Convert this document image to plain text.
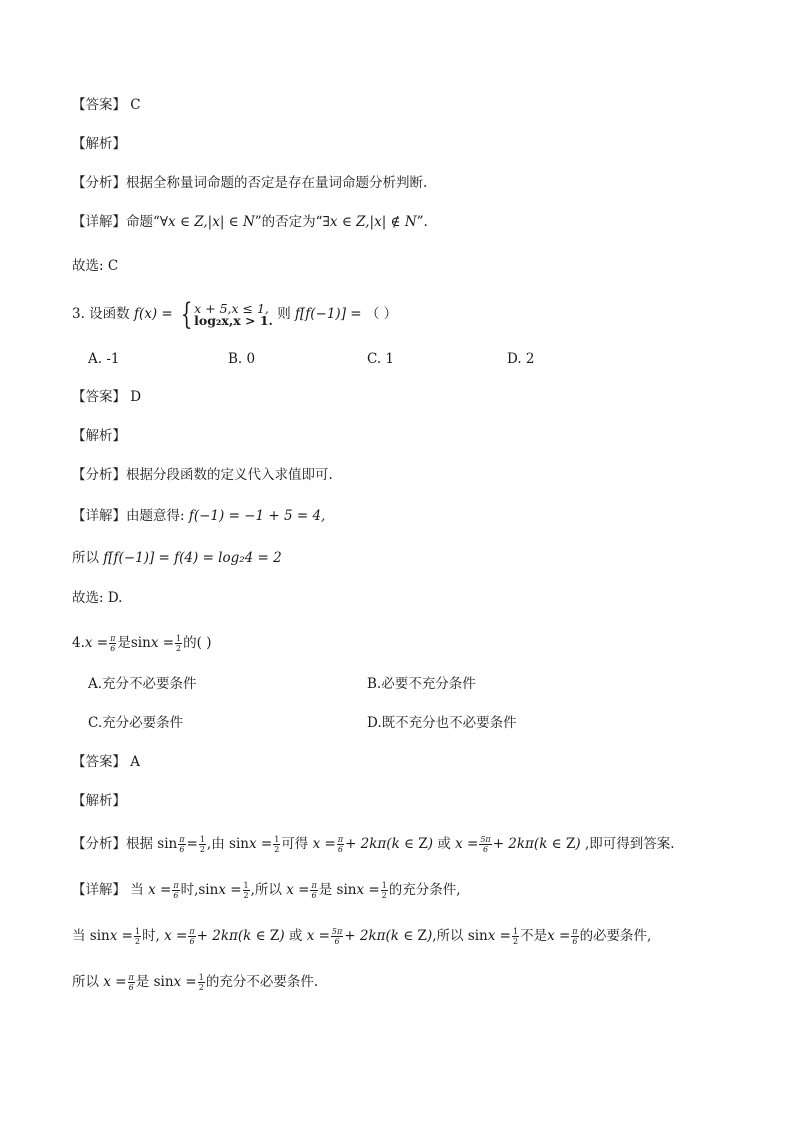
【答案】 C
【解析】
【分析】根据全称量词命题的否定是存在量词命题分析判断.
【详解】命题“∀x ∈ Z,|x| ∈ N”的否定为“∃x ∈ Z,|x| ∉ N”.
故选: C
3. 设函数 f(x) = { x + 5,x ≤ 1,
log₂x,x > 1. 则 f[f(−1)] = （ ）
A. -1	B. 0	C. 1	D. 2
【答案】 D
【解析】
【分析】根据分段函数的定义代入求值即可.
【详解】由题意得: f(−1) = −1 + 5 = 4,
所以 f[f(−1)] = f(4) = log₂4 = 2
故选: D.
$4.x = \frac{\pi}{6}$ 是$\sin x = \frac{1}{2}$ 的( )
A.充分不必要条件	B.必要不充分条件
C.充分必要条件	D.既不充分也不必要条件
【答案】 A
【解析】
【分析】根据 $\sin \frac{\pi}{6} = \frac{1}{2}$ ,由 $\sin x = \frac{1}{2}$ 可得 $x = \frac{\pi}{6} + 2k\pi(k$ ∈ Z) 或 $x = \frac{5\pi}{6} + 2k\pi(k$ ∈ Z) ,即可得到答案.
【详解】 当 $x = \frac{\pi}{6}$ 时$,\sin x = \frac{1}{2}$ ,所以 $x = \frac{\pi}{6}$ 是 $\sin x = \frac{1}{2}$ 的充分条件,
当 $\sin x = \frac{1}{2}$ 时, $x = \frac{\pi}{6} + 2k\pi(k$ ∈ Z) 或 $x = \frac{5\pi}{6} + 2k\pi(k$ ∈ Z),所以 $\sin x = \frac{1}{2}$ 不是$x = \frac{\pi}{6}$ 的必要条件,
所以 $x = \frac{\pi}{6}$ 是 $\sin x = \frac{1}{2}$ 的充分不必要条件.
